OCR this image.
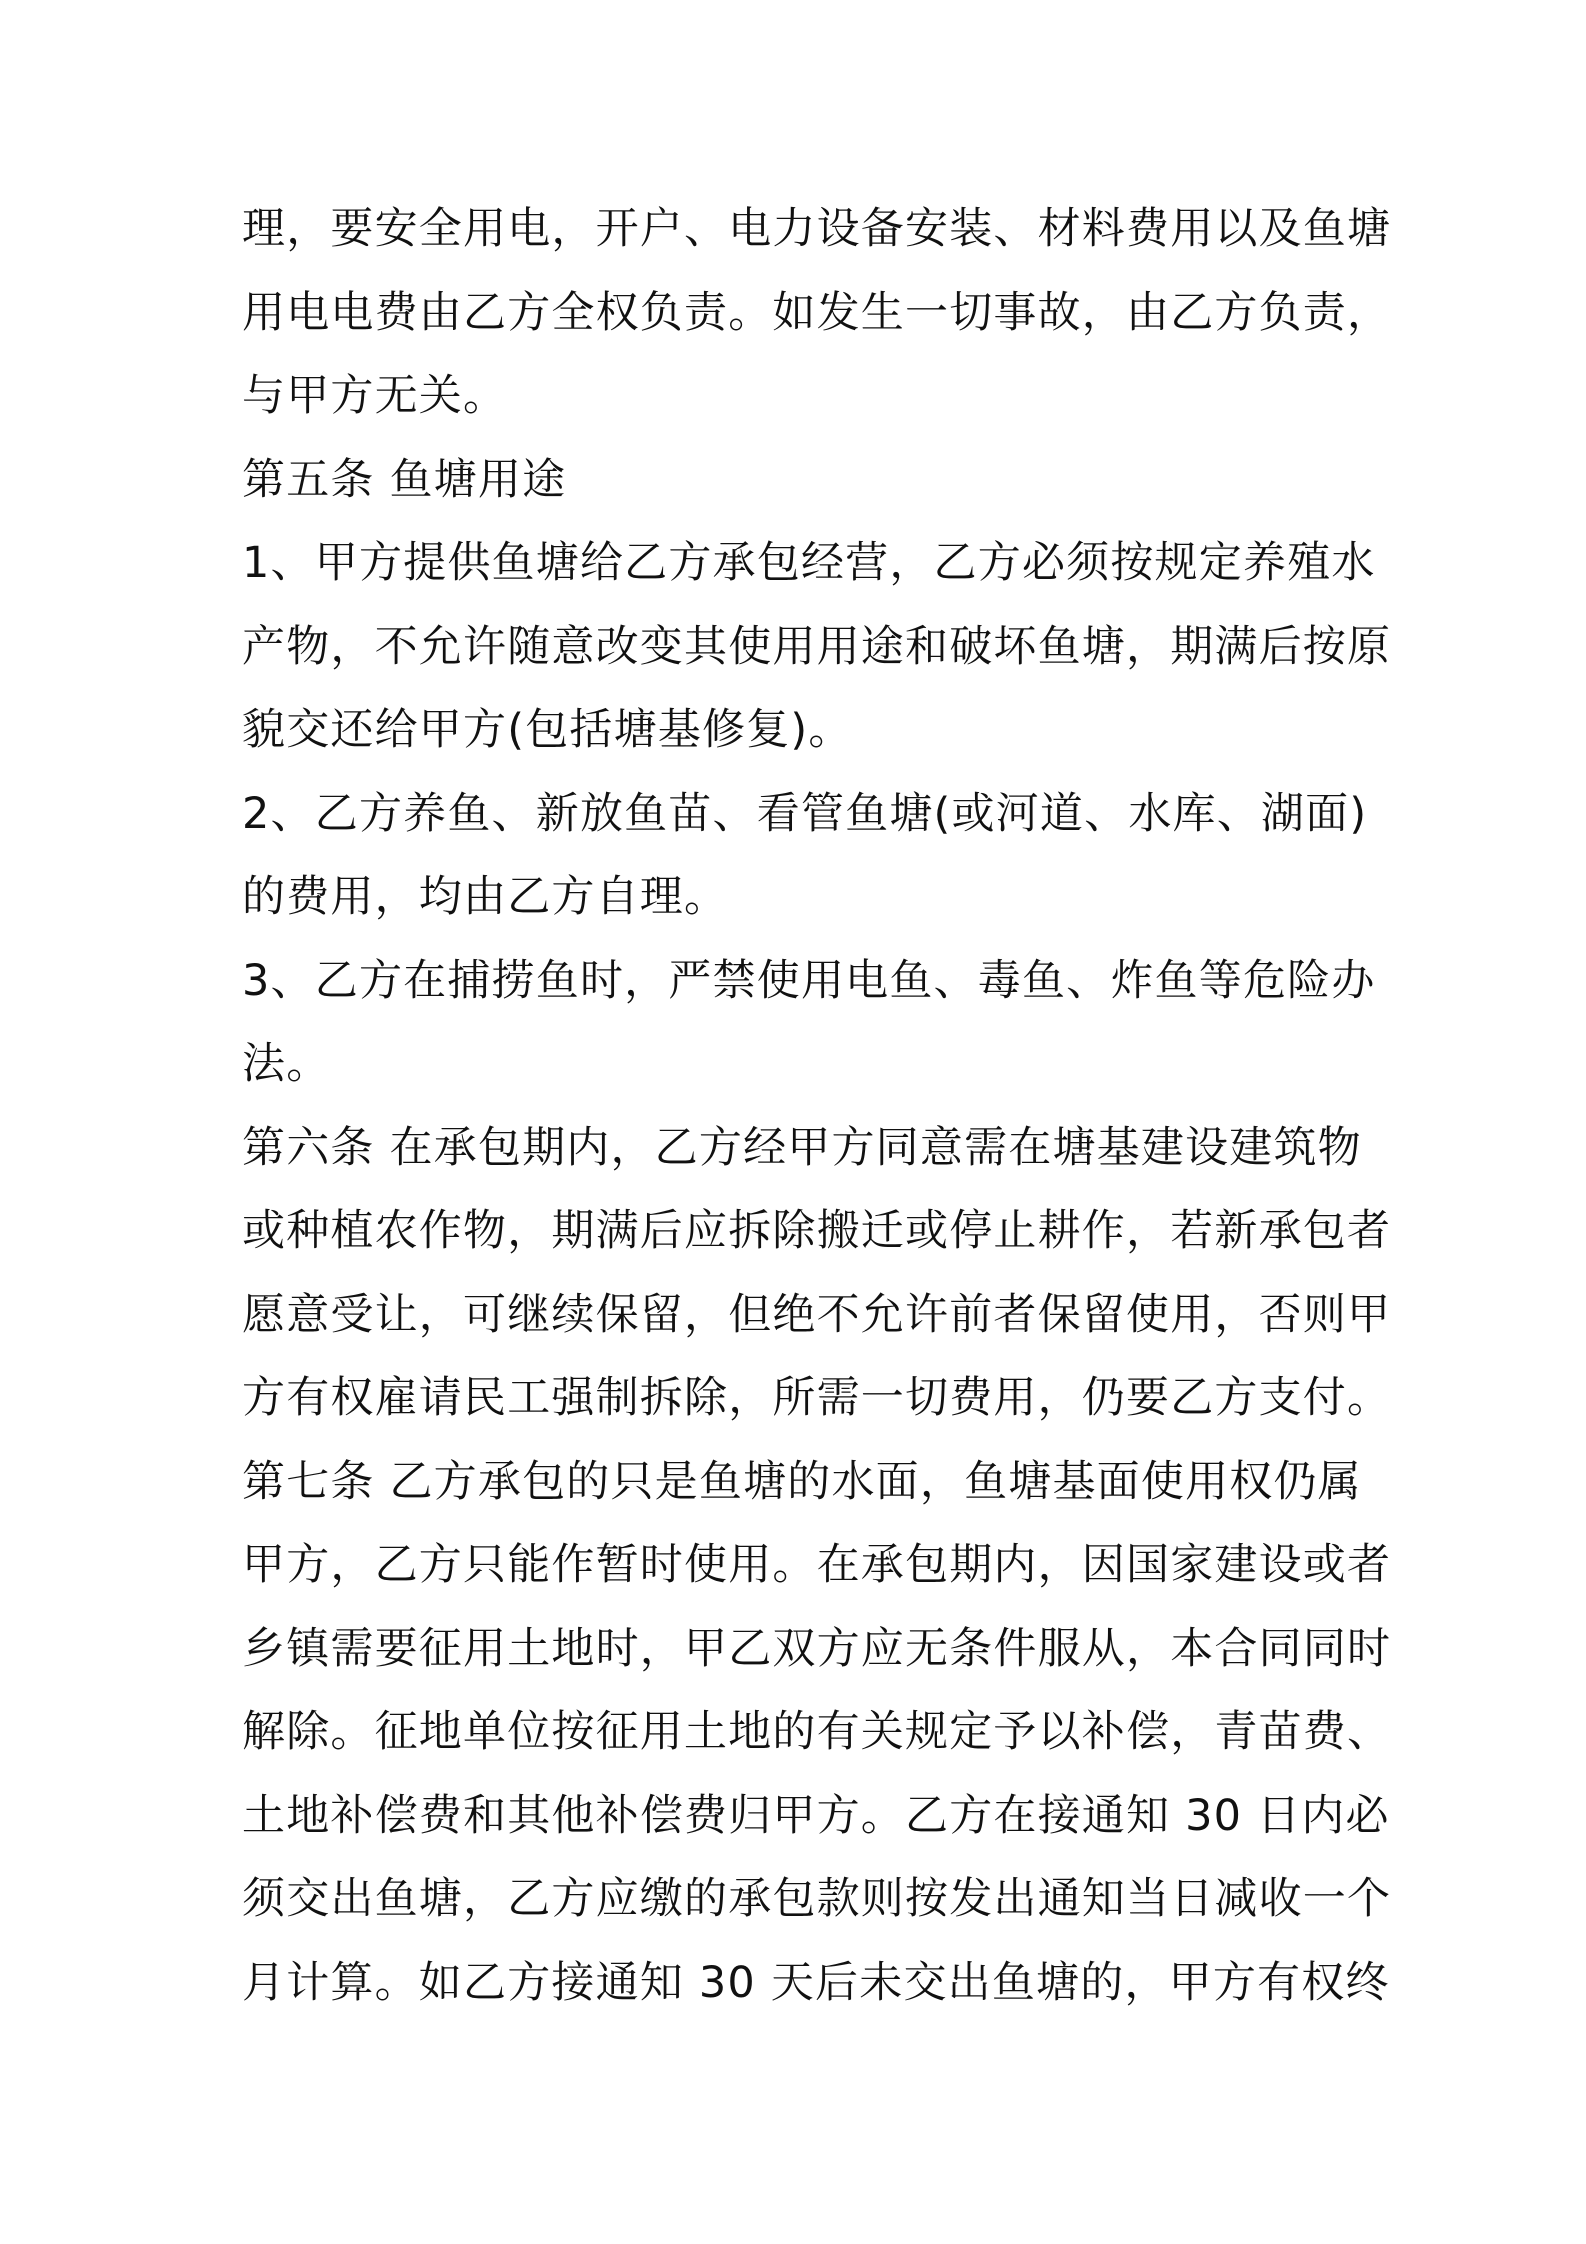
理，要安全用电，开户、电力设备安装、材料费用以及鱼塘
用电电费由乙方全权负责。如发生一切事故，由乙方负责，
与甲方无关。
第五条 鱼塘用途
1、甲方提供鱼塘给乙方承包经营，乙方必须按规定养殖水
产物，不允许随意改变其使用用途和破坏鱼塘，期满后按原
貌交还给甲方(包括塘基修复)。
2、乙方养鱼、新放鱼苗、看管鱼塘(或河道、水库、湖面)
的费用，均由乙方自理。
3、乙方在捕捞鱼时，严禁使用电鱼、毒鱼、炸鱼等危险办
法。
第六条 在承包期内，乙方经甲方同意需在塘基建设建筑物
或种植农作物，期满后应拆除搬迁或停止耕作，若新承包者
愿意受让，可继续保留，但绝不允许前者保留使用，否则甲
方有权雇请民工强制拆除，所需一切费用，仍要乙方支付。
第七条 乙方承包的只是鱼塘的水面，鱼塘基面使用权仍属
甲方，乙方只能作暂时使用。在承包期内，因国家建设或者
乡镇需要征用土地时，甲乙双方应无条件服从，本合同同时
解除。征地单位按征用土地的有关规定予以补偿，青苗费、
土地补偿费和其他补偿费归甲方。乙方在接通知 30 日内必
须交出鱼塘，乙方应缴的承包款则按发出通知当日减收一个
月计算。如乙方接通知 30 天后未交出鱼塘的，甲方有权终
